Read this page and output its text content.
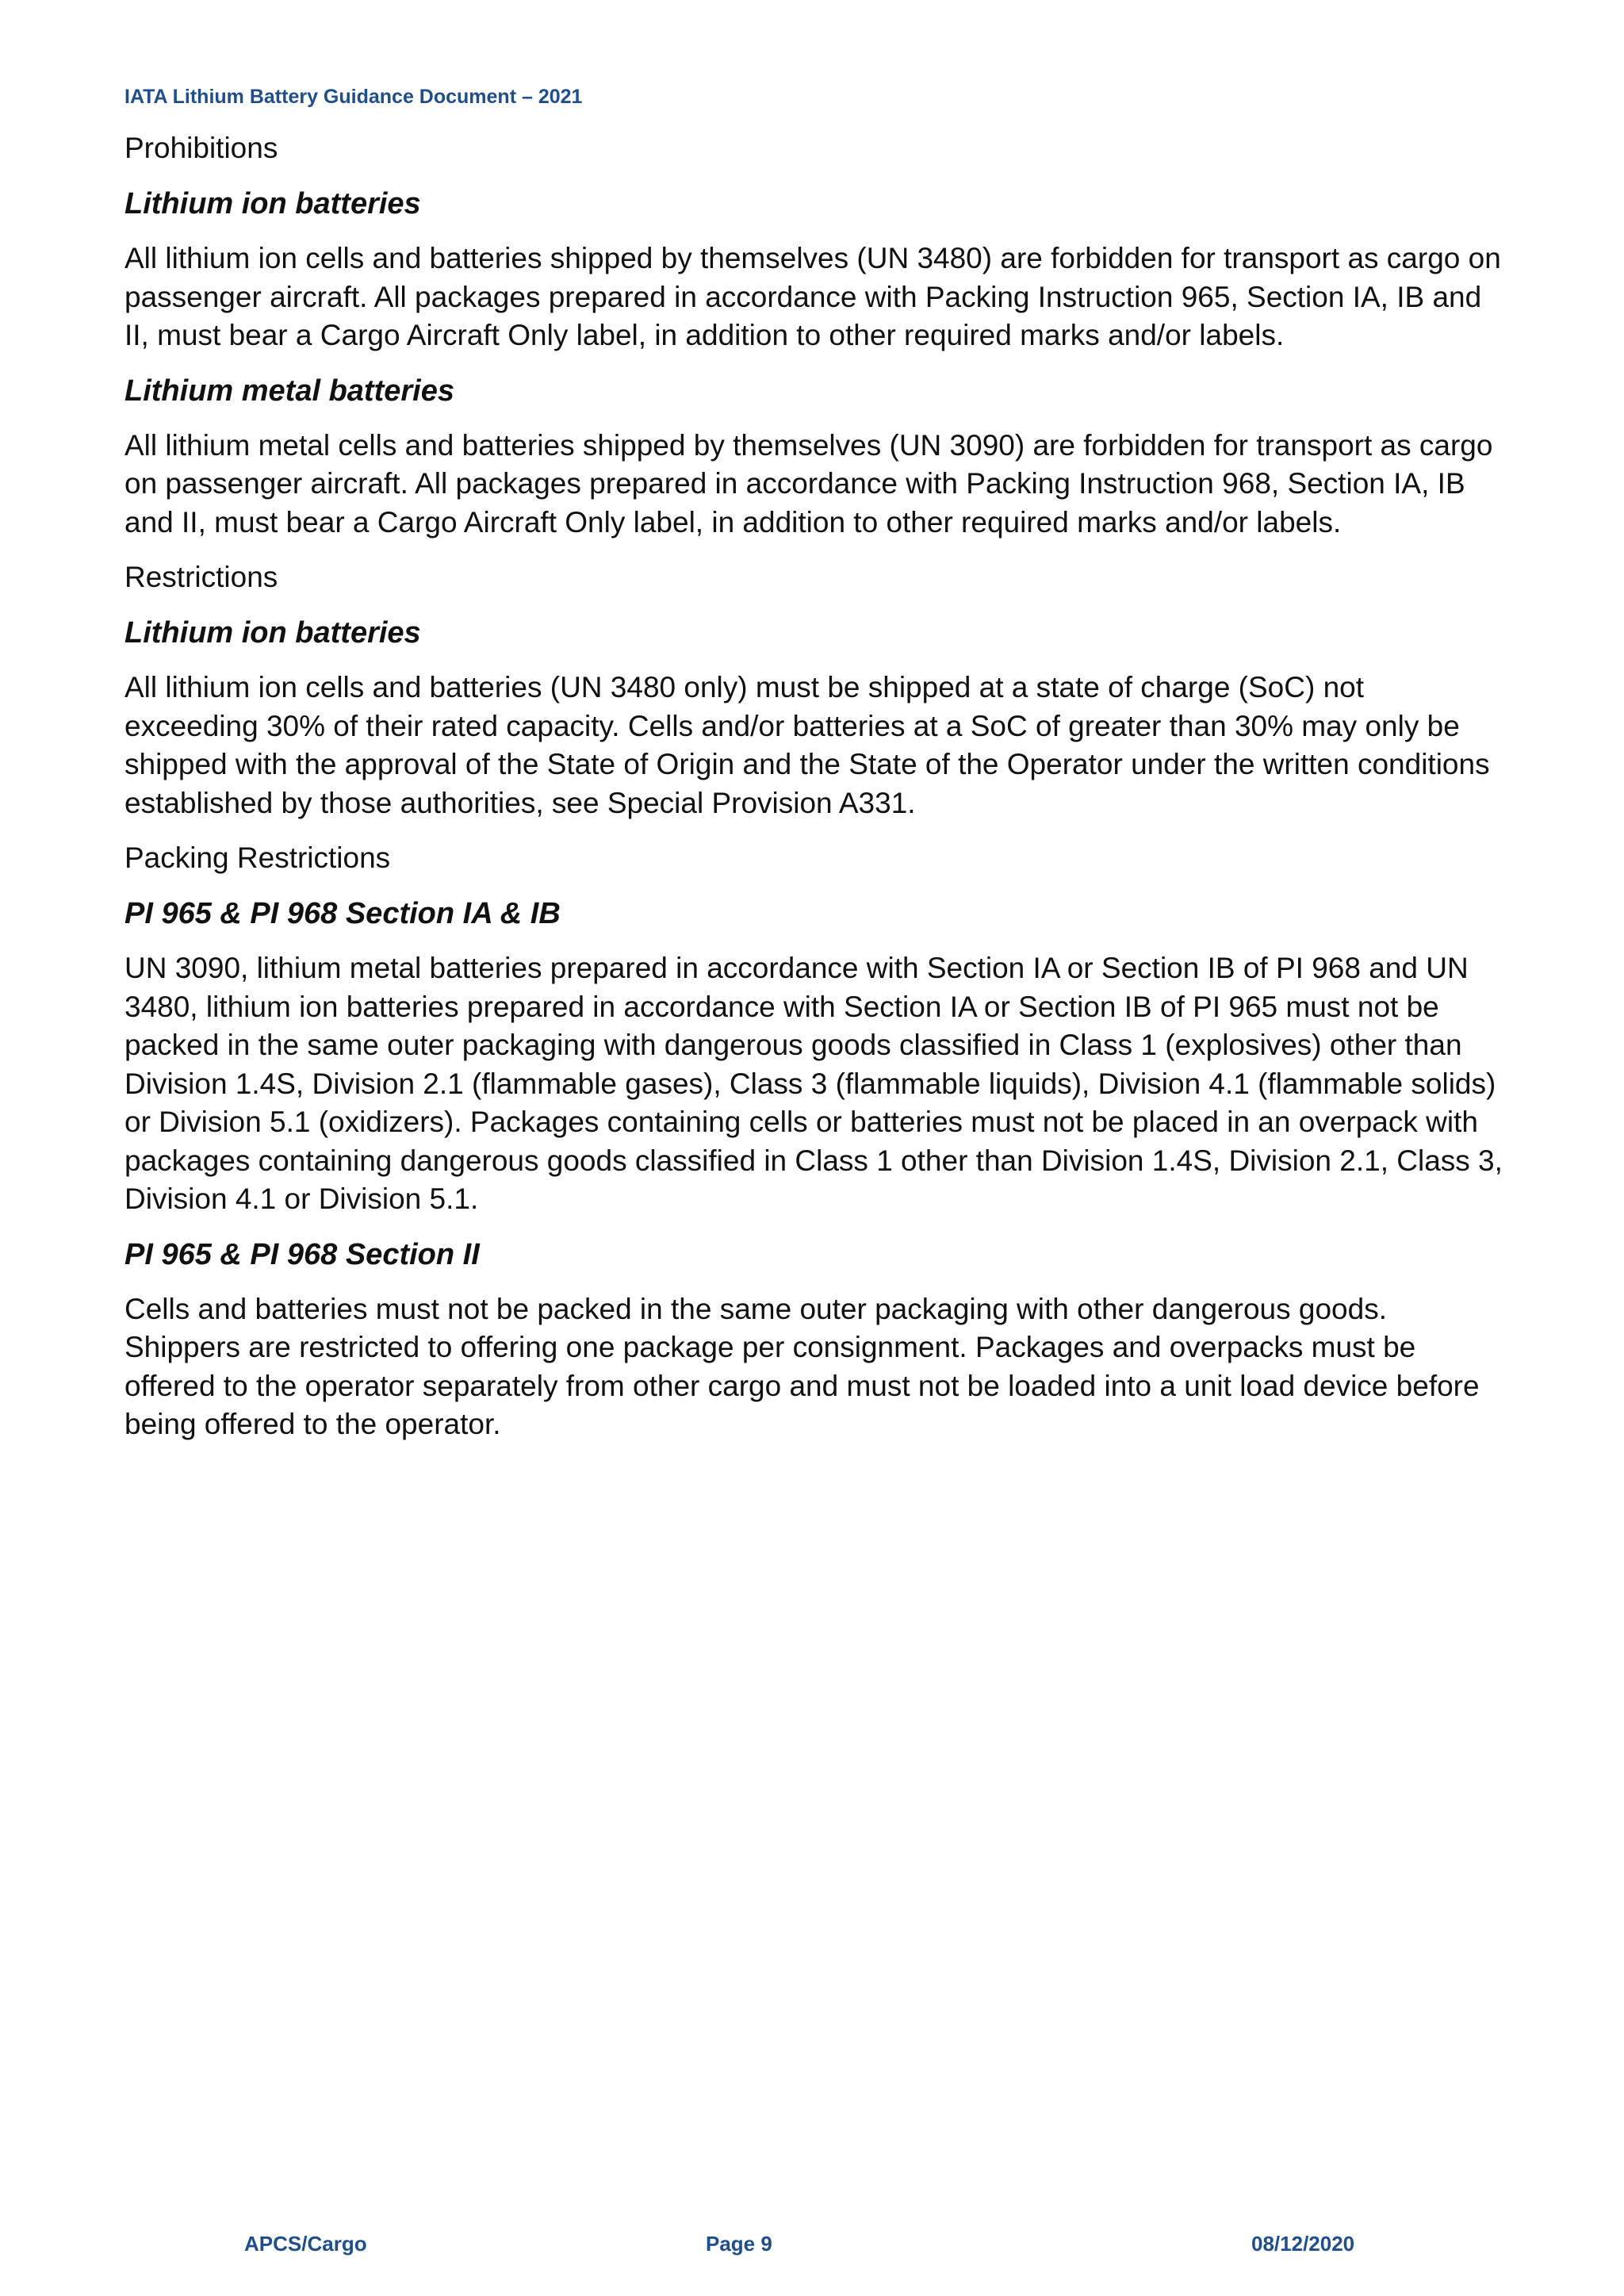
IATA Lithium Battery Guidance Document – 2021
Prohibitions
Lithium ion batteries
All lithium ion cells and batteries shipped by themselves (UN 3480) are forbidden for transport as cargo on passenger aircraft. All packages prepared in accordance with Packing Instruction 965, Section IA, IB and II, must bear a Cargo Aircraft Only label, in addition to other required marks and/or labels.
Lithium metal batteries
All lithium metal cells and batteries shipped by themselves (UN 3090) are forbidden for transport as cargo on passenger aircraft. All packages prepared in accordance with Packing Instruction 968, Section IA, IB and II, must bear a Cargo Aircraft Only label, in addition to other required marks and/or labels.
Restrictions
Lithium ion batteries
All lithium ion cells and batteries (UN 3480 only) must be shipped at a state of charge (SoC) not exceeding 30% of their rated capacity. Cells and/or batteries at a SoC of greater than 30% may only be shipped with the approval of the State of Origin and the State of the Operator under the written conditions established by those authorities, see Special Provision A331.
Packing Restrictions
PI 965 & PI 968 Section IA & IB
UN 3090, lithium metal batteries prepared in accordance with Section IA or Section IB of PI 968 and UN 3480, lithium ion batteries prepared in accordance with Section IA or Section IB of PI 965 must not be packed in the same outer packaging with dangerous goods classified in Class 1 (explosives) other than Division 1.4S, Division 2.1 (flammable gases), Class 3 (flammable liquids), Division 4.1 (flammable solids) or Division 5.1 (oxidizers). Packages containing cells or batteries must not be placed in an overpack with packages containing dangerous goods classified in Class 1 other than Division 1.4S, Division 2.1, Class 3, Division 4.1 or Division 5.1.
PI 965 & PI 968 Section II
Cells and batteries must not be packed in the same outer packaging with other dangerous goods. Shippers are restricted to offering one package per consignment. Packages and overpacks must be offered to the operator separately from other cargo and must not be loaded into a unit load device before being offered to the operator.
APCS/Cargo	Page 9	08/12/2020
